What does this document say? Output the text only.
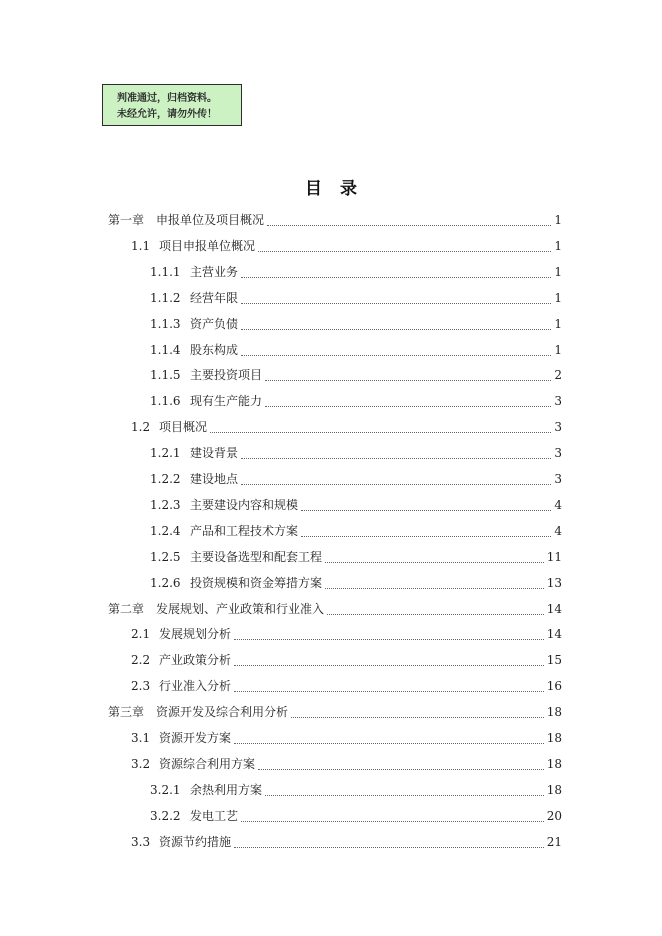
判准通过，归档资料。
未经允许，请勿外传！
目录
第一章 申报单位及项目概况	1
1.1 项目申报单位概况	1
1.1.1 主营业务	1
1.1.2 经营年限	1
1.1.3 资产负债	1
1.1.4 股东构成	1
1.1.5 主要投资项目	2
1.1.6 现有生产能力	3
1.2 项目概况	3
1.2.1 建设背景	3
1.2.2 建设地点	3
1.2.3 主要建设内容和规模	4
1.2.4 产品和工程技术方案	4
1.2.5 主要设备选型和配套工程	11
1.2.6 投资规模和资金筹措方案	13
第二章 发展规划、产业政策和行业准入	14
2.1 发展规划分析	14
2.2 产业政策分析	15
2.3 行业准入分析	16
第三章 资源开发及综合利用分析	18
3.1 资源开发方案	18
3.2 资源综合利用方案	18
3.2.1 余热利用方案	18
3.2.2 发电工艺	20
3.3 资源节约措施	21
